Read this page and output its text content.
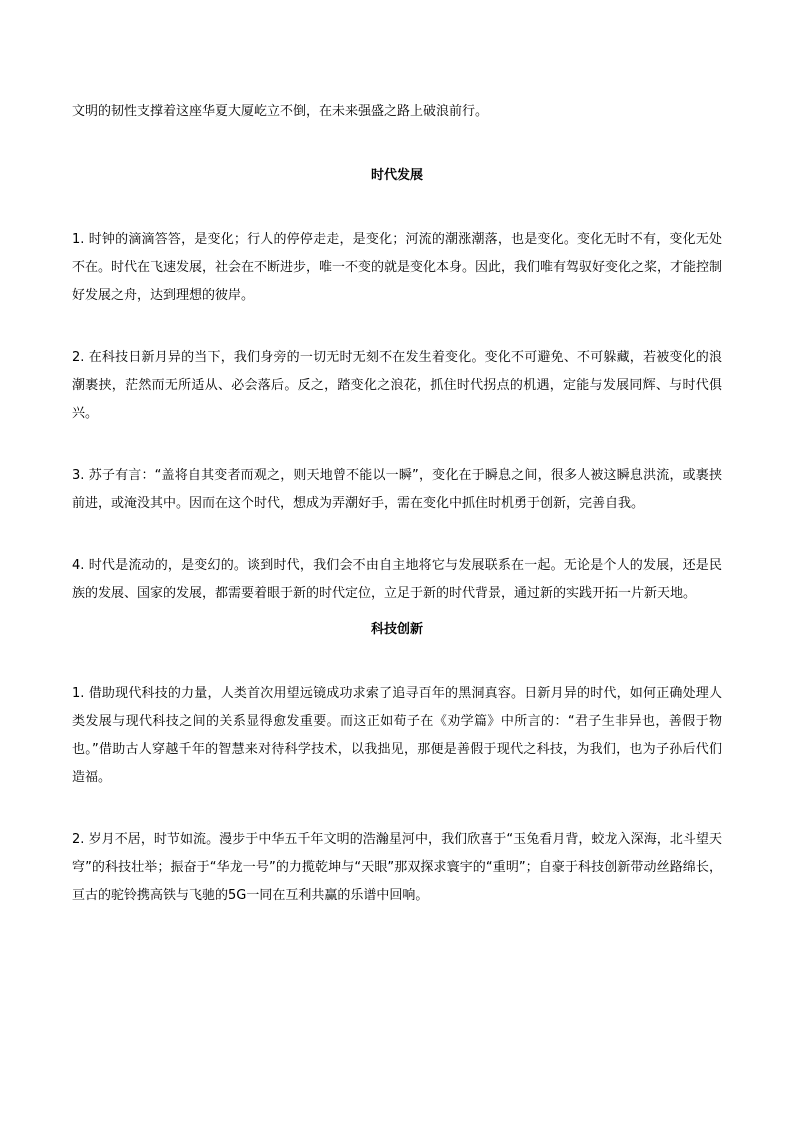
文明的韧性支撑着这座华夏大厦屹立不倒，在未来强盛之路上破浪前行。

时代发展

1. 时钟的滴滴答答，是变化；行人的停停走走，是变化；河流的潮涨潮落，也是变化。变化无时不有，变化无处不在。时代在飞速发展，社会在不断进步，唯一不变的就是变化本身。因此，我们唯有驾驭好变化之桨，才能控制好发展之舟，达到理想的彼岸。

2. 在科技日新月异的当下，我们身旁的一切无时无刻不在发生着变化。变化不可避免、不可躲藏，若被变化的浪潮裹挟，茫然而无所适从、必会落后。反之，踏变化之浪花，抓住时代拐点的机遇，定能与发展同辉、与时代俱兴。

3. 苏子有言：“盖将自其变者而观之，则天地曾不能以一瞬”，变化在于瞬息之间，很多人被这瞬息洪流，或裹挟前进，或淹没其中。因而在这个时代，想成为弄潮好手，需在变化中抓住时机勇于创新，完善自我。

4. 时代是流动的，是变幻的。谈到时代，我们会不由自主地将它与发展联系在一起。无论是个人的发展，还是民族的发展、国家的发展，都需要着眼于新的时代定位，立足于新的时代背景，通过新的实践开拓一片新天地。

科技创新

1. 借助现代科技的力量，人类首次用望远镜成功求索了追寻百年的黑洞真容。日新月异的时代，如何正确处理人类发展与现代科技之间的关系显得愈发重要。而这正如荀子在《劝学篇》中所言的：“君子生非异也，善假于物也。”借助古人穿越千年的智慧来对待科学技术，以我拙见，那便是善假于现代之科技，为我们，也为子孙后代们造福。

2. 岁月不居，时节如流。漫步于中华五千年文明的浩瀚星河中，我们欣喜于“玉兔看月背，蛟龙入深海，北斗望天穹”的科技壮举；振奋于“华龙一号”的力揽乾坤与“天眼”那双探求寰宇的“重明”；自豪于科技创新带动丝路绵长，亘古的驼铃携高铁与飞驰的5G一同在互利共赢的乐谱中回响。
